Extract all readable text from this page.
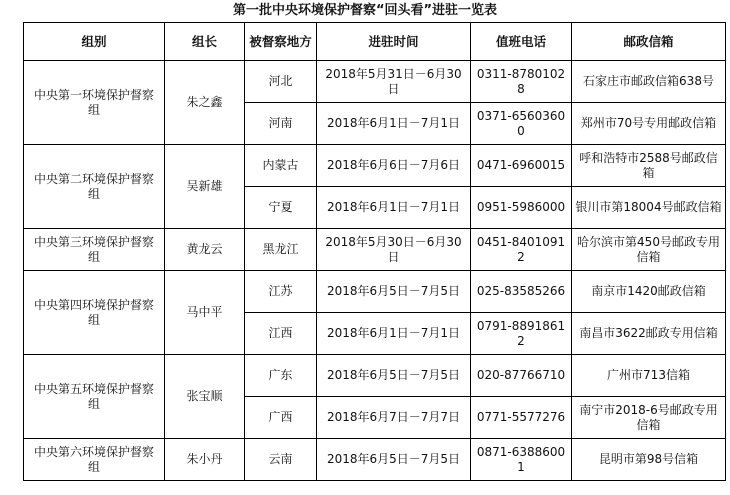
第一批中央环境保护督察“回头看”进驻一览表
组别	组长	被督察地方	进驻时间	值班电话	邮政信箱
中央第一环境保护督察组	朱之鑫	河北	2018年5月31日－6月30日	0311-87801028	石家庄市邮政信箱638号
		河南	2018年6月1日－7月1日	0371-65603600	郑州市70号专用邮政信箱
中央第二环境保护督察组	吴新雄	内蒙古	2018年6月6日－7月6日	0471-6960015	呼和浩特市2588号邮政信箱
		宁夏	2018年6月1日－7月1日	0951-5986000	银川市第18004号邮政信箱
中央第三环境保护督察组	黄龙云	黑龙江	2018年5月30日－6月30日	0451-84010912	哈尔滨市第450号邮政专用信箱
中央第四环境保护督察组	马中平	江苏	2018年6月5日－7月5日	025-83585266	南京市1420邮政信箱
		江西	2018年6月1日－7月1日	0791-88918612	南昌市3622邮政专用信箱
中央第五环境保护督察组	张宝顺	广东	2018年6月5日－7月5日	020-87766710	广州市713信箱
		广西	2018年6月7日－7月7日	0771-5577276	南宁市2018-6号邮政专用信箱
中央第六环境保护督察组	朱小丹	云南	2018年6月5日－7月5日	0871-63886001	昆明市第98号信箱
